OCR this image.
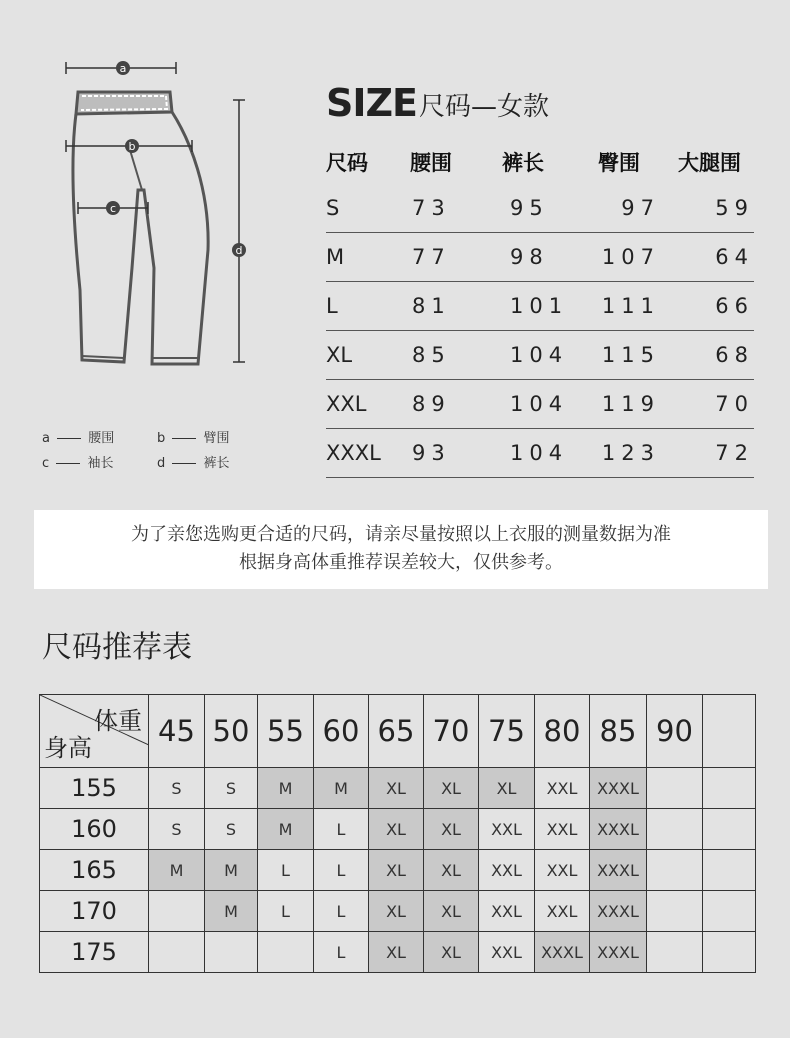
a
b
c
d
a	腰围	b	臂围
c	袖长	d	裤长
SIZE 尺码—女款
尺码	腰围	裤长	臀围	大腿围
S	73	95	97	59
M	77	98	107	64
L	81	101	111	66
XL	85	104	115	68
XXL	89	104	119	70
XXXL	93	104	123	72
为了亲您选购更合适的尺码，请亲尽量按照以上衣服的测量数据为准
根据身高体重推荐误差较大，仅供参考。
尺码推荐表
体重
身高	45	50	55	60	65	70	75	80	85	90	
155	S	S	M	M	XL	XL	XL	XXL	XXXL		
160	S	S	M	L	XL	XL	XXL	XXL	XXXL		
165	M	M	L	L	XL	XL	XXL	XXL	XXXL		
170		M	L	L	XL	XL	XXL	XXL	XXXL		
175				L	XL	XL	XXL	XXXL	XXXL		
